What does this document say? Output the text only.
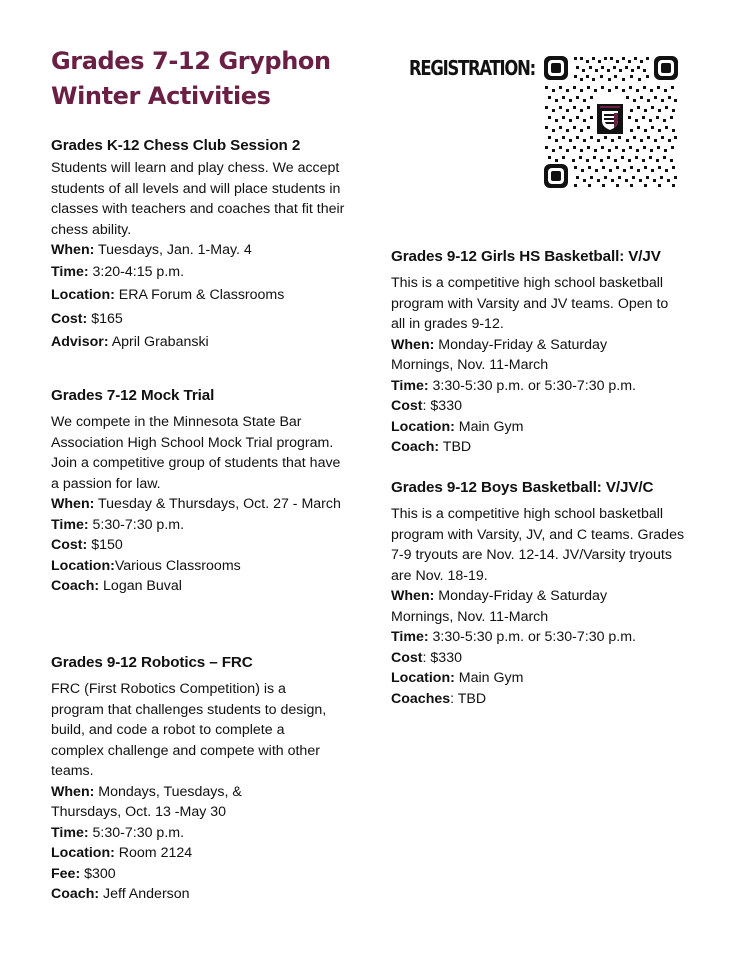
Grades 7-12 Gryphon
Winter Activities
REGISTRATION:
Grades K-12 Chess Club Session 2

Students will learn and play chess. We accept students of all levels and will place students in classes with teachers and coaches that fit their chess ability.

When: Tuesdays, Jan. 1-May. 4
Time: 3:20-4:15 p.m.
Location: ERA Forum & Classrooms
Cost: $165
Advisor: April Grabanski
Grades 7-12 Mock Trial

We compete in the Minnesota State Bar Association High School Mock Trial program. Join a competitive group of students that have a passion for law.

When: Tuesday & Thursdays, Oct. 27 - March
Time: 5:30-7:30 p.m.
Cost: $150
Location:Various Classrooms
Coach: Logan Buval
Grades 9-12 Robotics – FRC

FRC (First Robotics Competition) is a program that challenges students to design, build, and code a robot to complete a complex challenge and compete with other teams.

When: Mondays, Tuesdays, & Thursdays, Oct. 13 -May 30
Time: 5:30-7:30 p.m.
Location: Room 2124
Fee: $300
Coach: Jeff Anderson
Grades 9-12 Girls HS Basketball: V/JV

This is a competitive high school basketball program with Varsity and JV teams. Open to all in grades 9-12.

When: Monday-Friday & Saturday Mornings, Nov. 11-March
Time: 3:30-5:30 p.m. or 5:30-7:30 p.m.
Cost: $330
Location: Main Gym
Coach: TBD
Grades 9-12 Boys Basketball: V/JV/C

This is a competitive high school basketball program with Varsity, JV, and C teams. Grades 7-9 tryouts are Nov. 12-14. JV/Varsity tryouts are Nov. 18-19.

When: Monday-Friday & Saturday Mornings, Nov. 11-March
Time: 3:30-5:30 p.m. or 5:30-7:30 p.m.
Cost: $330
Location: Main Gym
Coaches: TBD
